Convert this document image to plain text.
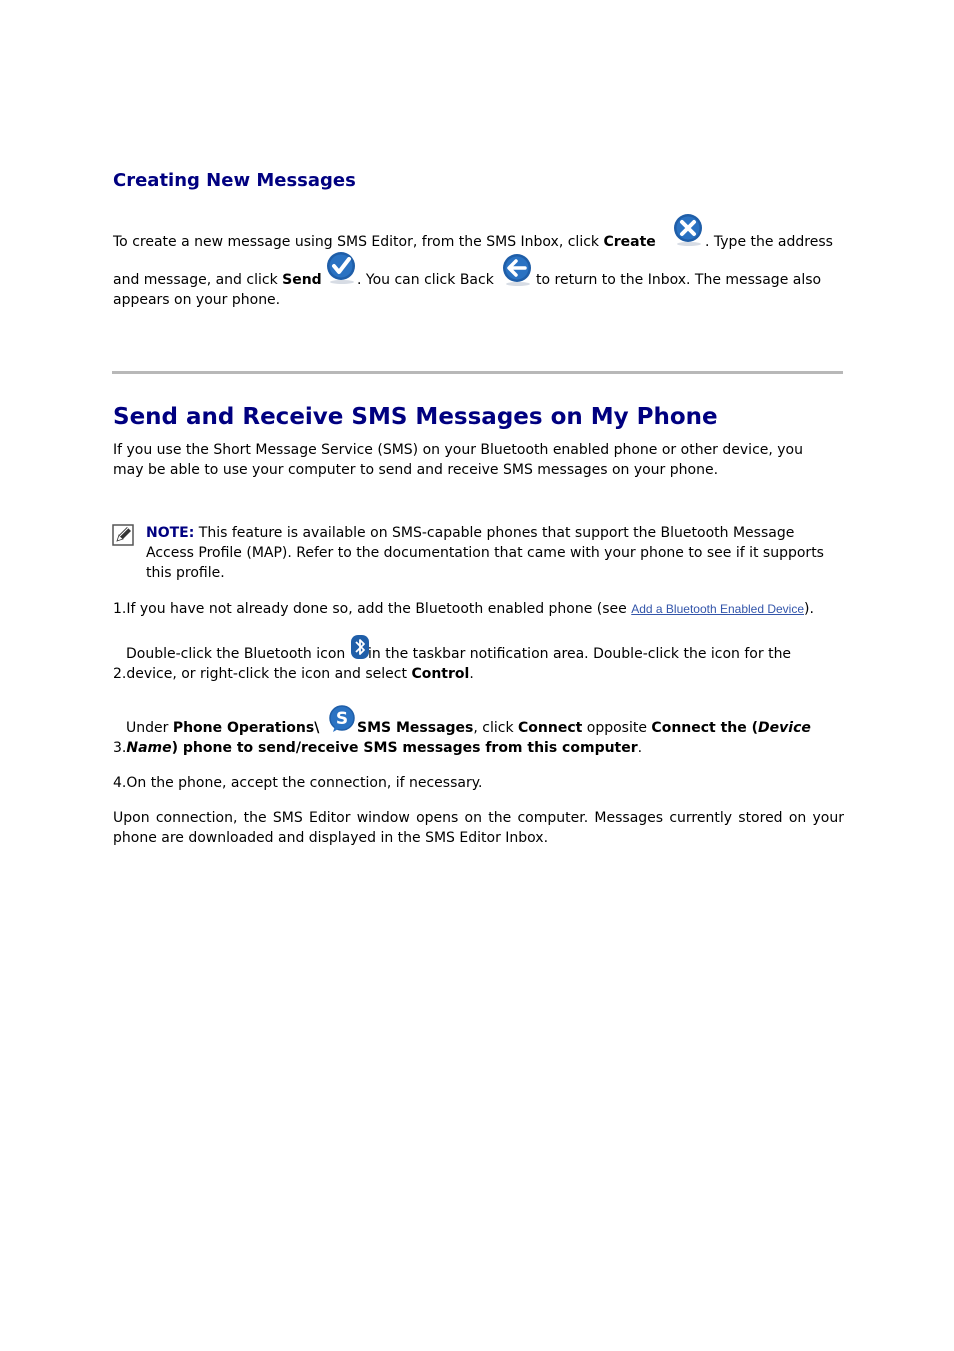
Creating New Messages
To create a new message using SMS Editor, from the SMS Inbox, click Create	. Type the address
and message, and click Send	. You can click Back	to return to the Inbox. The message also
appears on your phone.
Send and Receive SMS Messages on My Phone
If you use the Short Message Service (SMS) on your Bluetooth enabled phone or other device, you
may be able to use your computer to send and receive SMS messages on your phone.
NOTE: This feature is available on SMS-capable phones that support the Bluetooth Message
Access Profile (MAP). Refer to the documentation that came with your phone to see if it supports
this profile.
1.If you have not already done so, add the Bluetooth enabled phone (see Add a Bluetooth Enabled Device).
Double-click the Bluetooth icon in the taskbar notification area. Double-click the icon for the
2.device, or right-click the icon and select Control.
Under Phone Operations\ S SMS Messages, click Connect opposite Connect the (Device
3.Name) phone to send/receive SMS messages from this computer.
4.On the phone, accept the connection, if necessary.
Upon connection, the SMS Editor window opens on the computer. Messages currently stored on your
phone are downloaded and displayed in the SMS Editor Inbox.
